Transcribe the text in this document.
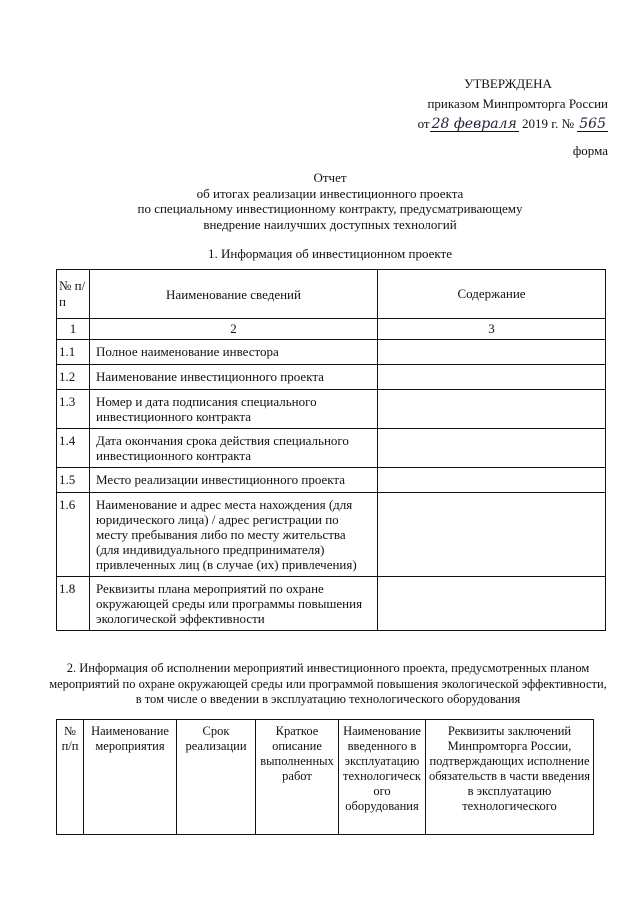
УТВЕРЖДЕНА
приказом Минпромторга России
от 28 февраля 2019 г. № 565
форма
Отчет
об итогах реализации инвестиционного проекта
по специальному инвестиционному контракту, предусматривающему
внедрение наилучших доступных технологий
1. Информация об инвестиционном проекте
№ п/п	Наименование сведений	Содержание
1	2	3
1.1	Полное наименование инвестора	
1.2	Наименование инвестиционного проекта	
1.3	Номер и дата подписания специального инвестиционного контракта	
1.4	Дата окончания срока действия специального инвестиционного контракта	
1.5	Место реализации инвестиционного проекта	
1.6	Наименование и адрес места нахождения (для юридического лица) / адрес регистрации по месту пребывания либо по месту жительства (для индивидуального предпринимателя) привлеченных лиц (в случае (их) привлечения)	
1.8	Реквизиты плана мероприятий по охране окружающей среды или программы повышения экологической эффективности	
2. Информация об исполнении мероприятий инвестиционного проекта, предусмотренных планом мероприятий по охране окружающей среды или программой повышения экологической эффективности, в том числе о введении в эксплуатацию технологического оборудования
№ п/п	Наименование мероприятия	Срок реализации	Краткое описание выполненных работ	Наименование введенного в эксплуатацию технологическ ого оборудования	Реквизиты заключений Минпромторга России, подтверждающих исполнение обязательств в части введения в эксплуатацию технологического
